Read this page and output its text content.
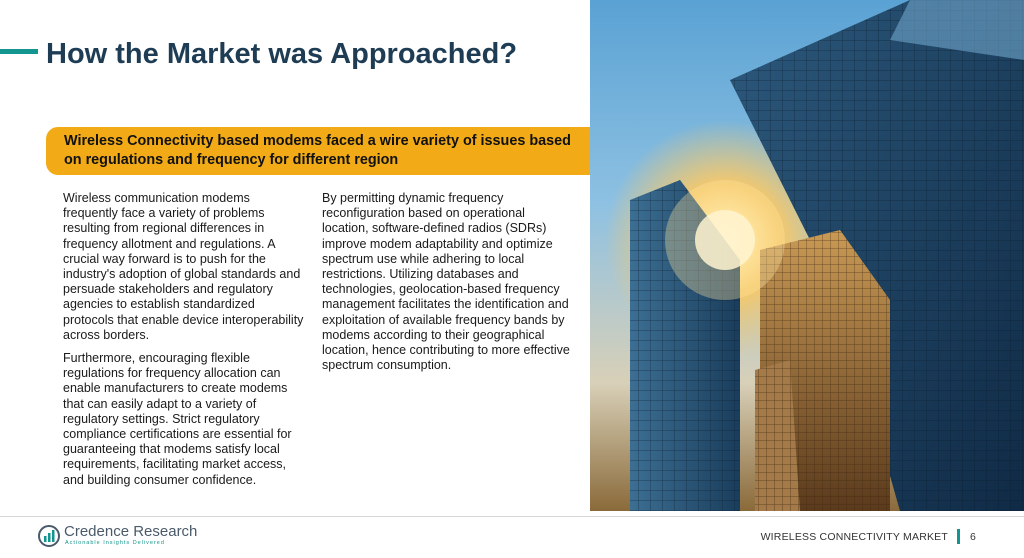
How the Market was Approached?
Wireless Connectivity based modems faced a wire variety of issues based on regulations and frequency for different region

Wireless communication modems frequently face a variety of problems resulting from regional differences in frequency allotment and regulations. A crucial way forward is to push for the industry's adoption of global standards and persuade stakeholders and regulatory agencies to establish standardized protocols that enable device interoperability across borders.

Furthermore, encouraging flexible regulations for frequency allocation can enable manufacturers to create modems that can easily adapt to a variety of regulatory settings. Strict regulatory compliance certifications are essential for guaranteeing that modems satisfy local requirements, facilitating market access, and building consumer confidence.

By permitting dynamic frequency reconfiguration based on operational location, software-defined radios (SDRs) improve modem adaptability and optimize spectrum use while adhering to local restrictions. Utilizing databases and technologies, geolocation-based frequency management facilitates the identification and exploitation of available frequency bands by modems according to their geographical location, hence contributing to more effective spectrum consumption.

Credence Research
Actionable Insights Delivered	WIRELESS CONNECTIVITY MARKET 6
